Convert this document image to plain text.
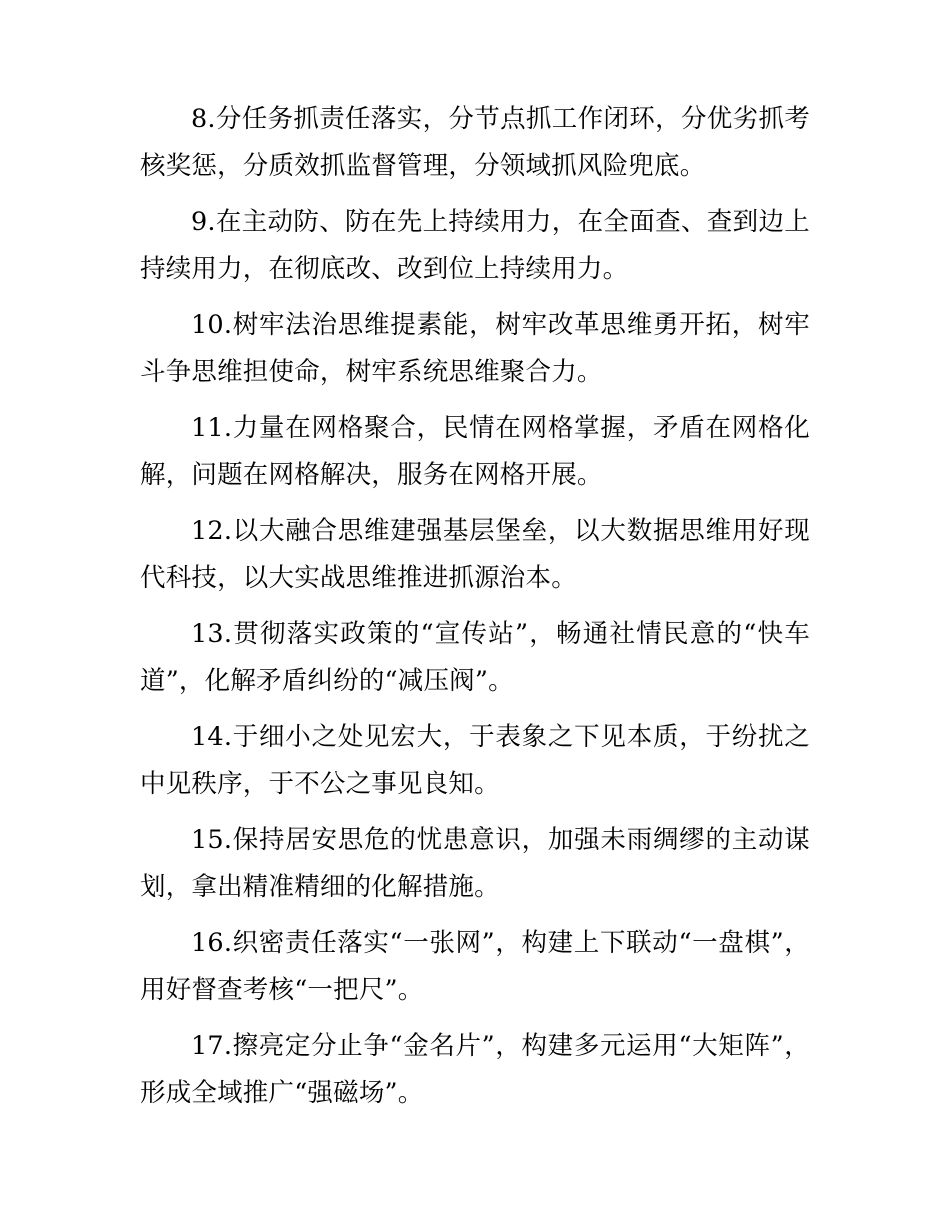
8.分任务抓责任落实，分节点抓工作闭环，分优劣抓考核奖惩，分质效抓监督管理，分领域抓风险兜底。

9.在主动防、防在先上持续用力，在全面查、查到边上持续用力，在彻底改、改到位上持续用力。

10.树牢法治思维提素能，树牢改革思维勇开拓，树牢斗争思维担使命，树牢系统思维聚合力。

11.力量在网格聚合，民情在网格掌握，矛盾在网格化解，问题在网格解决，服务在网格开展。

12.以大融合思维建强基层堡垒，以大数据思维用好现代科技，以大实战思维推进抓源治本。

13.贯彻落实政策的“宣传站”，畅通社情民意的“快车道”，化解矛盾纠纷的“减压阀”。

14.于细小之处见宏大，于表象之下见本质，于纷扰之中见秩序，于不公之事见良知。

15.保持居安思危的忧患意识，加强未雨绸缪的主动谋划，拿出精准精细的化解措施。

16.织密责任落实“一张网”，构建上下联动“一盘棋”，用好督查考核“一把尺”。

17.擦亮定分止争“金名片”，构建多元运用“大矩阵”，形成全域推广“强磁场”。
